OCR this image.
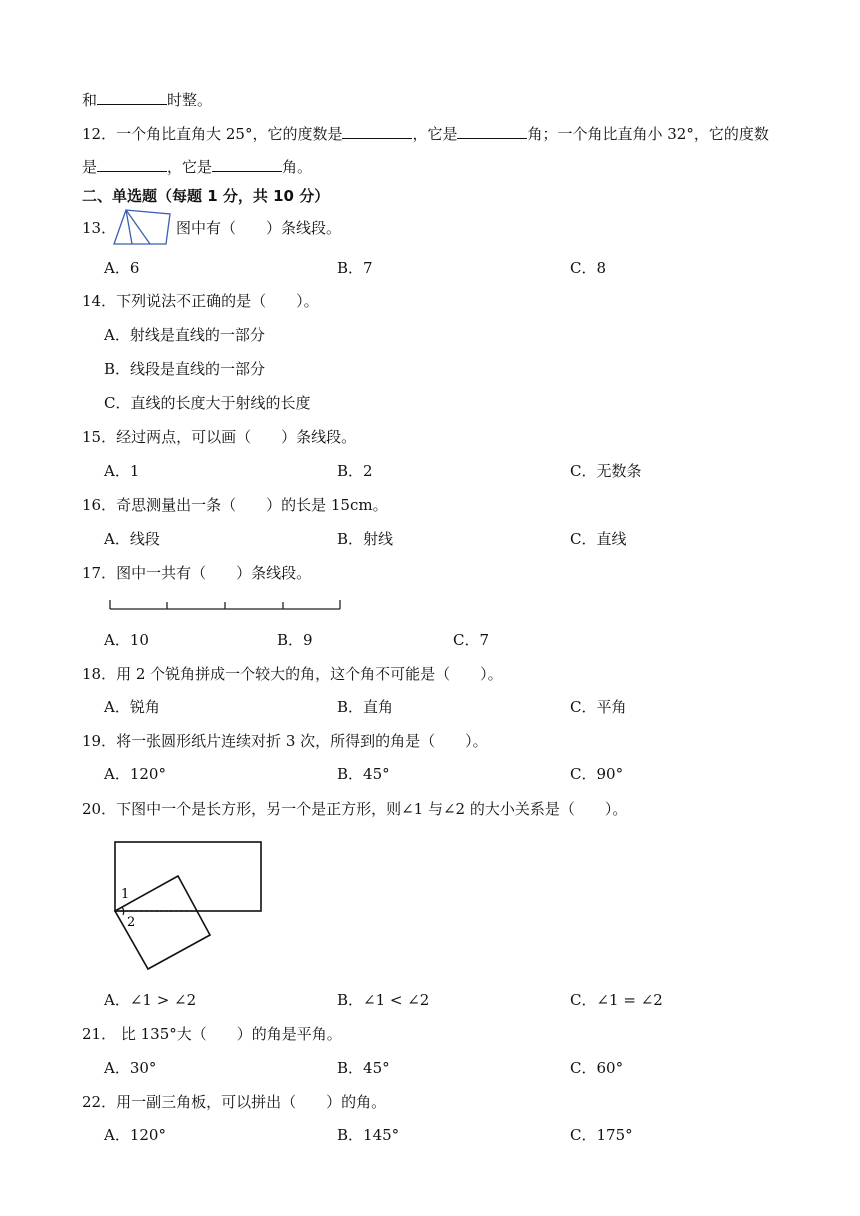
和	时整。
12．一个角比直角大 25°，它的度数是	，它是	角；一个角比直角小 32°，它的度数
是	，它是	角。
二、单选题（每题 1 分，共 10 分）
13．	图中有（　　）条线段。
A．6	B．7	C．8
14．下列说法不正确的是（　　）。
A．射线是直线的一部分
B．线段是直线的一部分
C．直线的长度大于射线的长度
15．经过两点，可以画（　　）条线段。
A．1	B．2	C．无数条
16．奇思测量出一条（　　）的长是 15cm。
A．线段	B．射线	C．直线
17．图中一共有（　　）条线段。
A．10	B．9	C．7
18．用 2 个锐角拼成一个较大的角，这个角不可能是（　　）。
A．锐角	B．直角	C．平角
19．将一张圆形纸片连续对折 3 次，所得到的角是（　　）。
A．120°	B．45°	C．90°
20．下图中一个是长方形，另一个是正方形，则∠1 与∠2 的大小关系是（　　）。
1
2
A．∠1 > ∠2	B．∠1 < ∠2	C．∠1 = ∠2
21． 比 135°大（　　）的角是平角。
A．30°	B．45°	C．60°
22．用一副三角板，可以拼出（　　）的角。
A．120°	B．145°	C．175°
